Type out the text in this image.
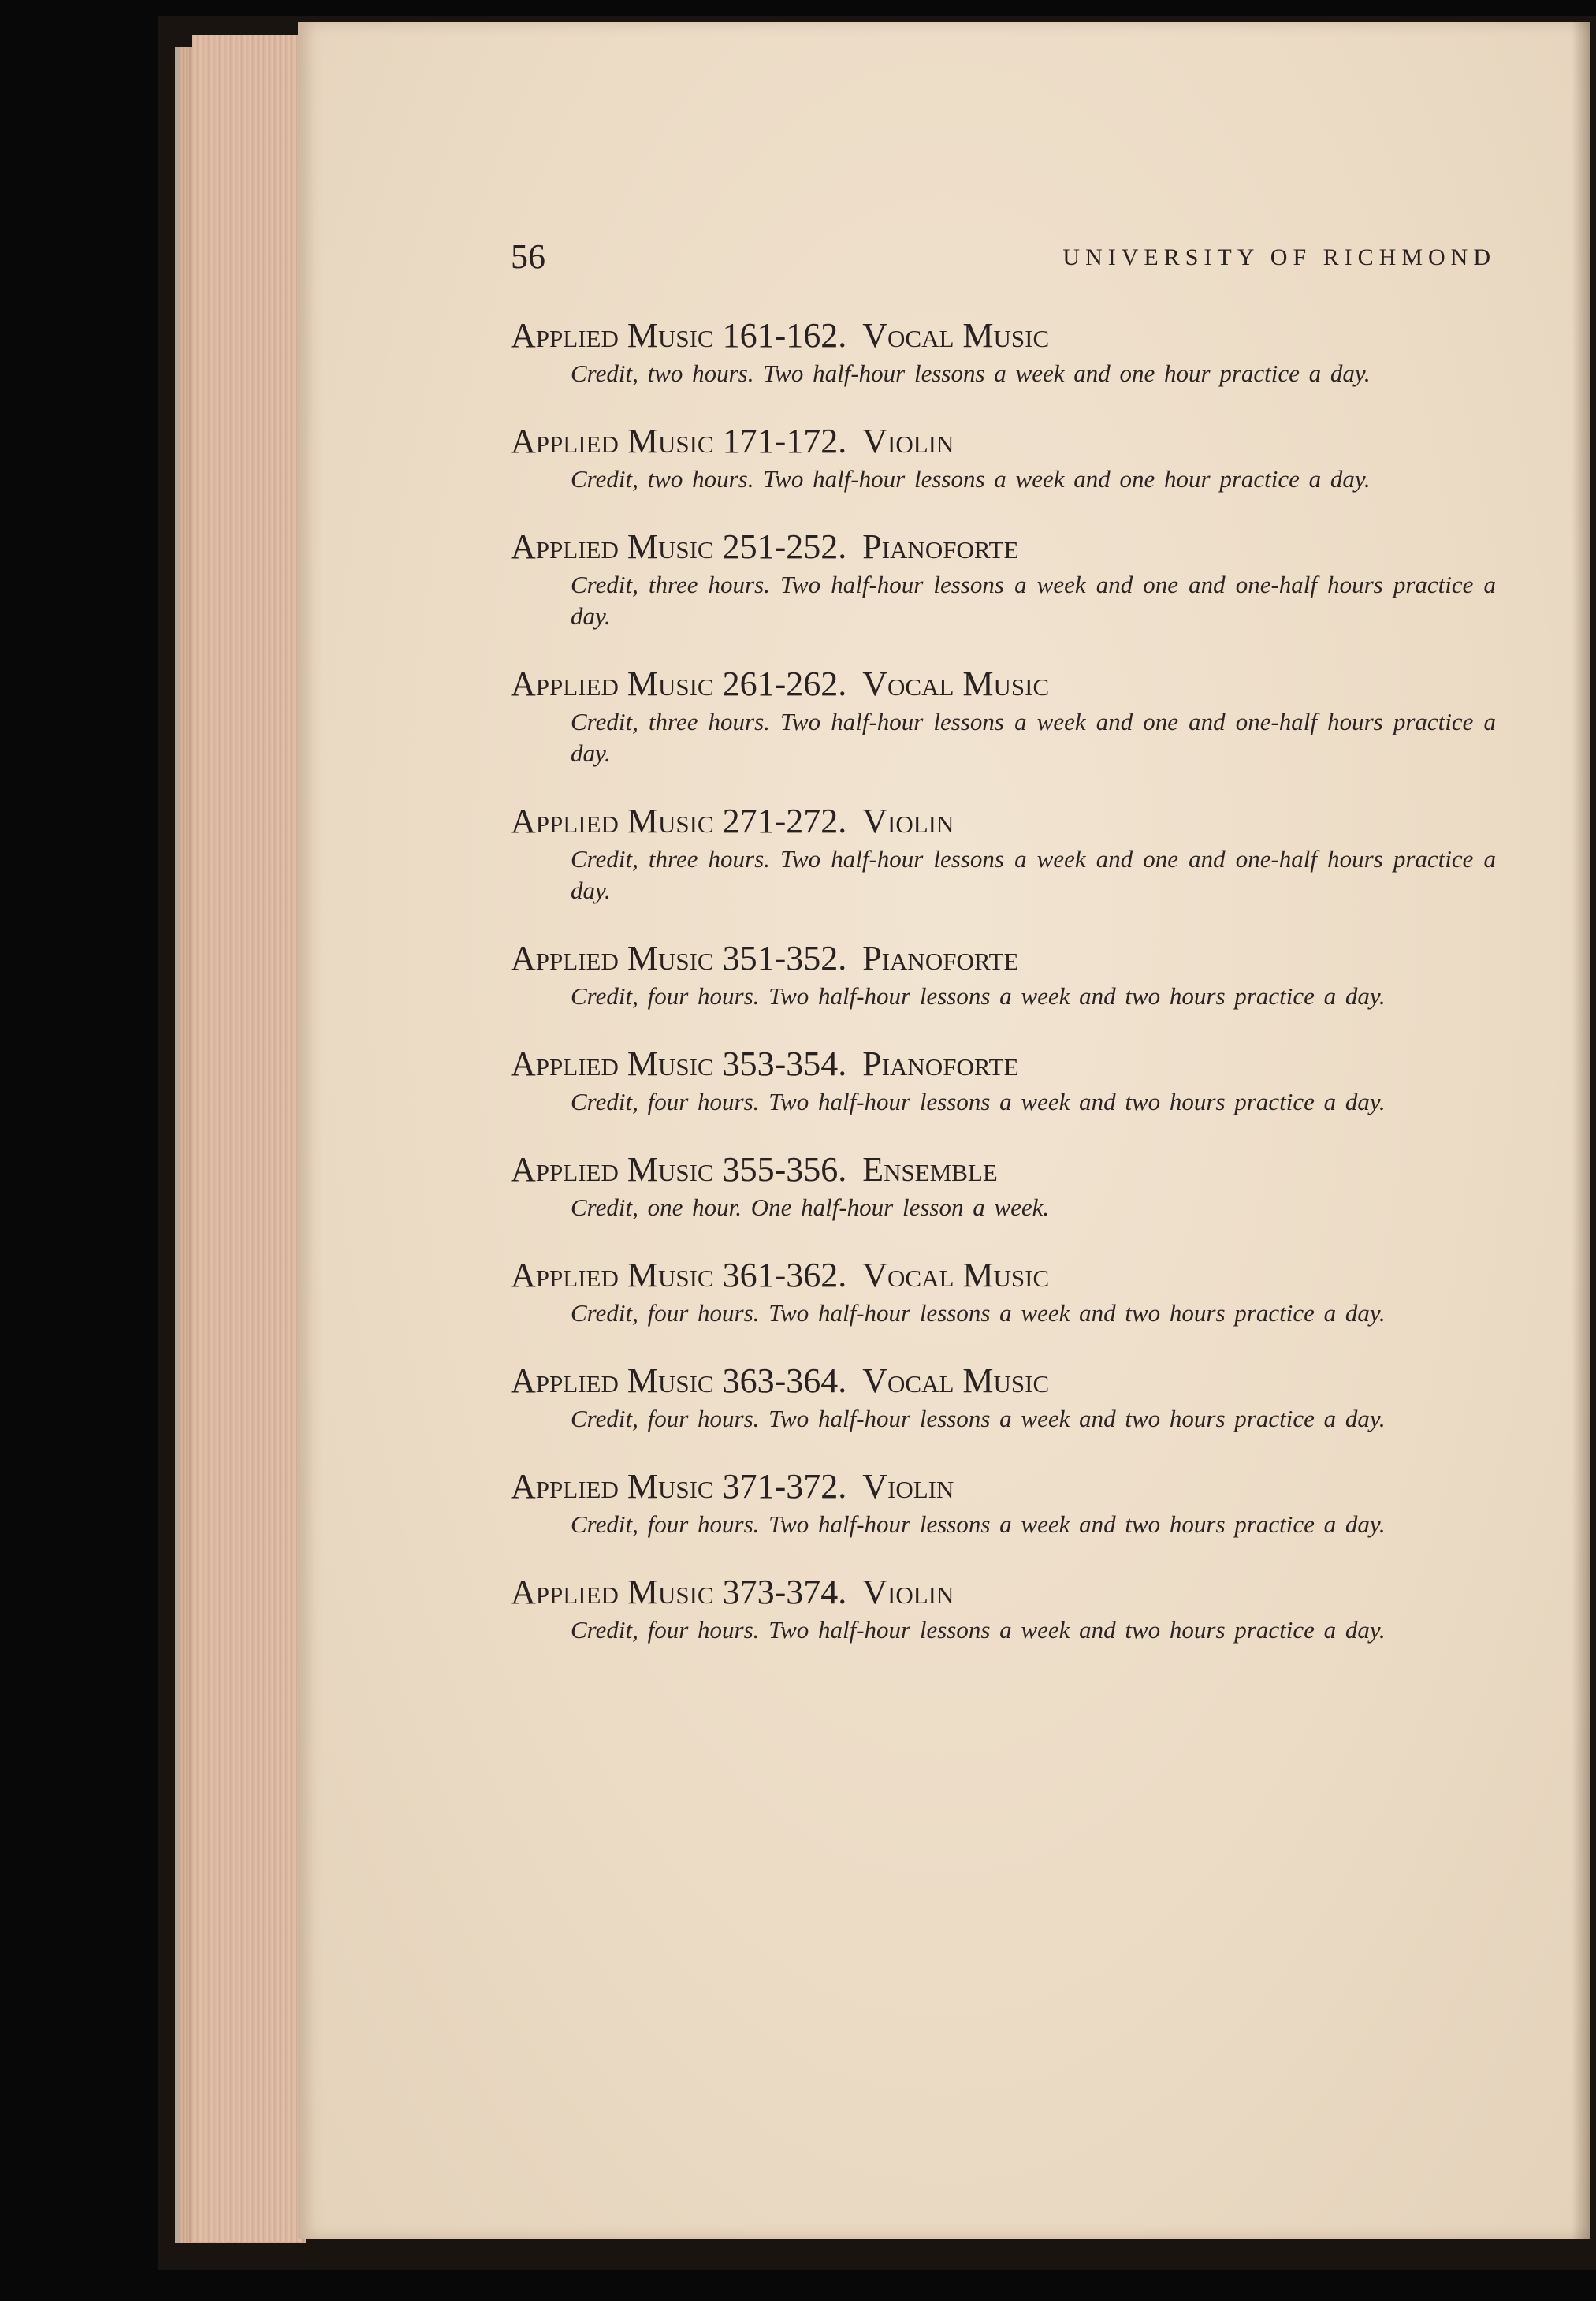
56	UNIVERSITY OF RICHMOND
Applied Music 161-162. Vocal Music
Credit, two hours. Two half-hour lessons a week and one hour practice a day.
Applied Music 171-172. Violin
Credit, two hours. Two half-hour lessons a week and one hour practice a day.
Applied Music 251-252. Pianoforte
Credit, three hours. Two half-hour lessons a week and one and one-half hours practice a day.
Applied Music 261-262. Vocal Music
Credit, three hours. Two half-hour lessons a week and one and one-half hours practice a day.
Applied Music 271-272. Violin
Credit, three hours. Two half-hour lessons a week and one and one-half hours practice a day.
Applied Music 351-352. Pianoforte
Credit, four hours. Two half-hour lessons a week and two hours practice a day.
Applied Music 353-354. Pianoforte
Credit, four hours. Two half-hour lessons a week and two hours practice a day.
Applied Music 355-356. Ensemble
Credit, one hour. One half-hour lesson a week.
Applied Music 361-362. Vocal Music
Credit, four hours. Two half-hour lessons a week and two hours practice a day.
Applied Music 363-364. Vocal Music
Credit, four hours. Two half-hour lessons a week and two hours practice a day.
Applied Music 371-372. Violin
Credit, four hours. Two half-hour lessons a week and two hours practice a day.
Applied Music 373-374. Violin
Credit, four hours. Two half-hour lessons a week and two hours practice a day.
